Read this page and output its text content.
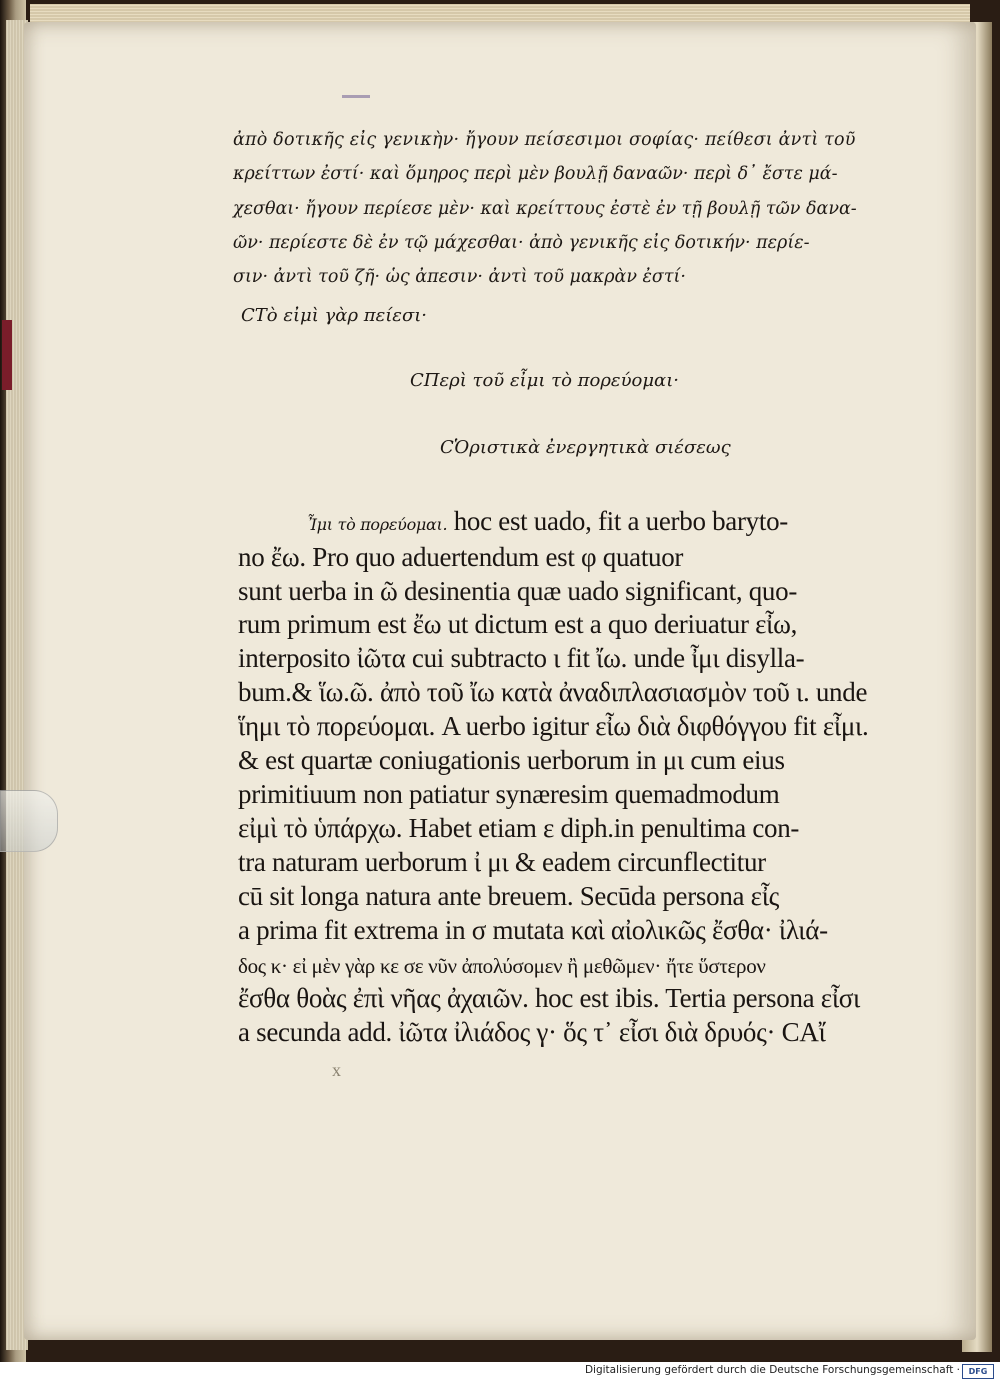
ἀπὸ δοτικῆς εἰς γενικὴν· ἤγουν πείσεσιμοι σοφίας· πείθεσι ἀντὶ τοῦ
κρείττων ἐστί· καὶ ὅμηρος περὶ μὲν βουλῇ δαναῶν· περὶ δ᾽ ἔστε μά-
χεσθαι· ἤγουν περίεσε μὲν· καὶ κρείττους ἐστὲ ἐν τῇ βουλῇ τῶν δανα-
ῶν· περίεστε δὲ ἐν τῷ μάχεσθαι· ἀπὸ γενικῆς εἰς δοτικήν· περίε-
σιν· ἀντὶ τοῦ ζῆ· ὡς ἀπεσιν· ἀντὶ τοῦ μακρὰν ἐστί·
CΤὸ εἰμὶ γὰρ πείεσι·
CΠερὶ τοῦ εἶμι τὸ πορεύομαι·
CὉριστικὰ ἐνεργητικὰ σιέσεως
Ἶμι τὸ πορεύομαι. hoc est uado, fit a uerbo baryto-
no ἔω. Pro quo aduertendum est φ quatuor
sunt uerba in ῶ desinentia quæ uado significant, quo-
rum primum est ἔω ut dictum est a quo deriuatur εἶω,
interposito ἰῶτα cui subtracto ι fit ἴω. unde ἶμι disylla-
bum.& ἵω.ῶ. ἀπὸ τοῦ ἴω κατὰ ἀναδιπλασιασμὸν τοῦ ι. unde
ἵημι τὸ πορεύομαι. A uerbo igitur εἶω διὰ διφθόγγου fit εἶμι.
& est quartæ coniugationis uerborum in μι cum eius
primitiuum non patiatur synæresim quemadmodum
εἰμὶ τὸ ὑπάρχω. Habet etiam ε diph.in penultima con-
tra naturam uerborum ἰ μι & eadem circunflectitur
cū sit longa natura ante breuem. Secūda persona εἶς
a prima fit extrema in σ mutata καὶ αἰολικῶς ἔσθα· ἰλιά-
δος κ· εἰ μὲν γὰρ κε σε νῦν ἀπολύσομεν ἢ μεθῶμεν· ἤτε ὕστερον
ἔσθα θοὰς ἐπὶ νῆας ἀχαιῶν. hoc est ibis. Tertia persona εἶσι
a secunda add. ἰῶτα ἰλιάδος γ· ὅς τ᾽ εἶσι διὰ δρυός· CΑἴ
x
Digitalisierung gefördert durch die Deutsche Forschungsgemeinschaft ·	DFG
